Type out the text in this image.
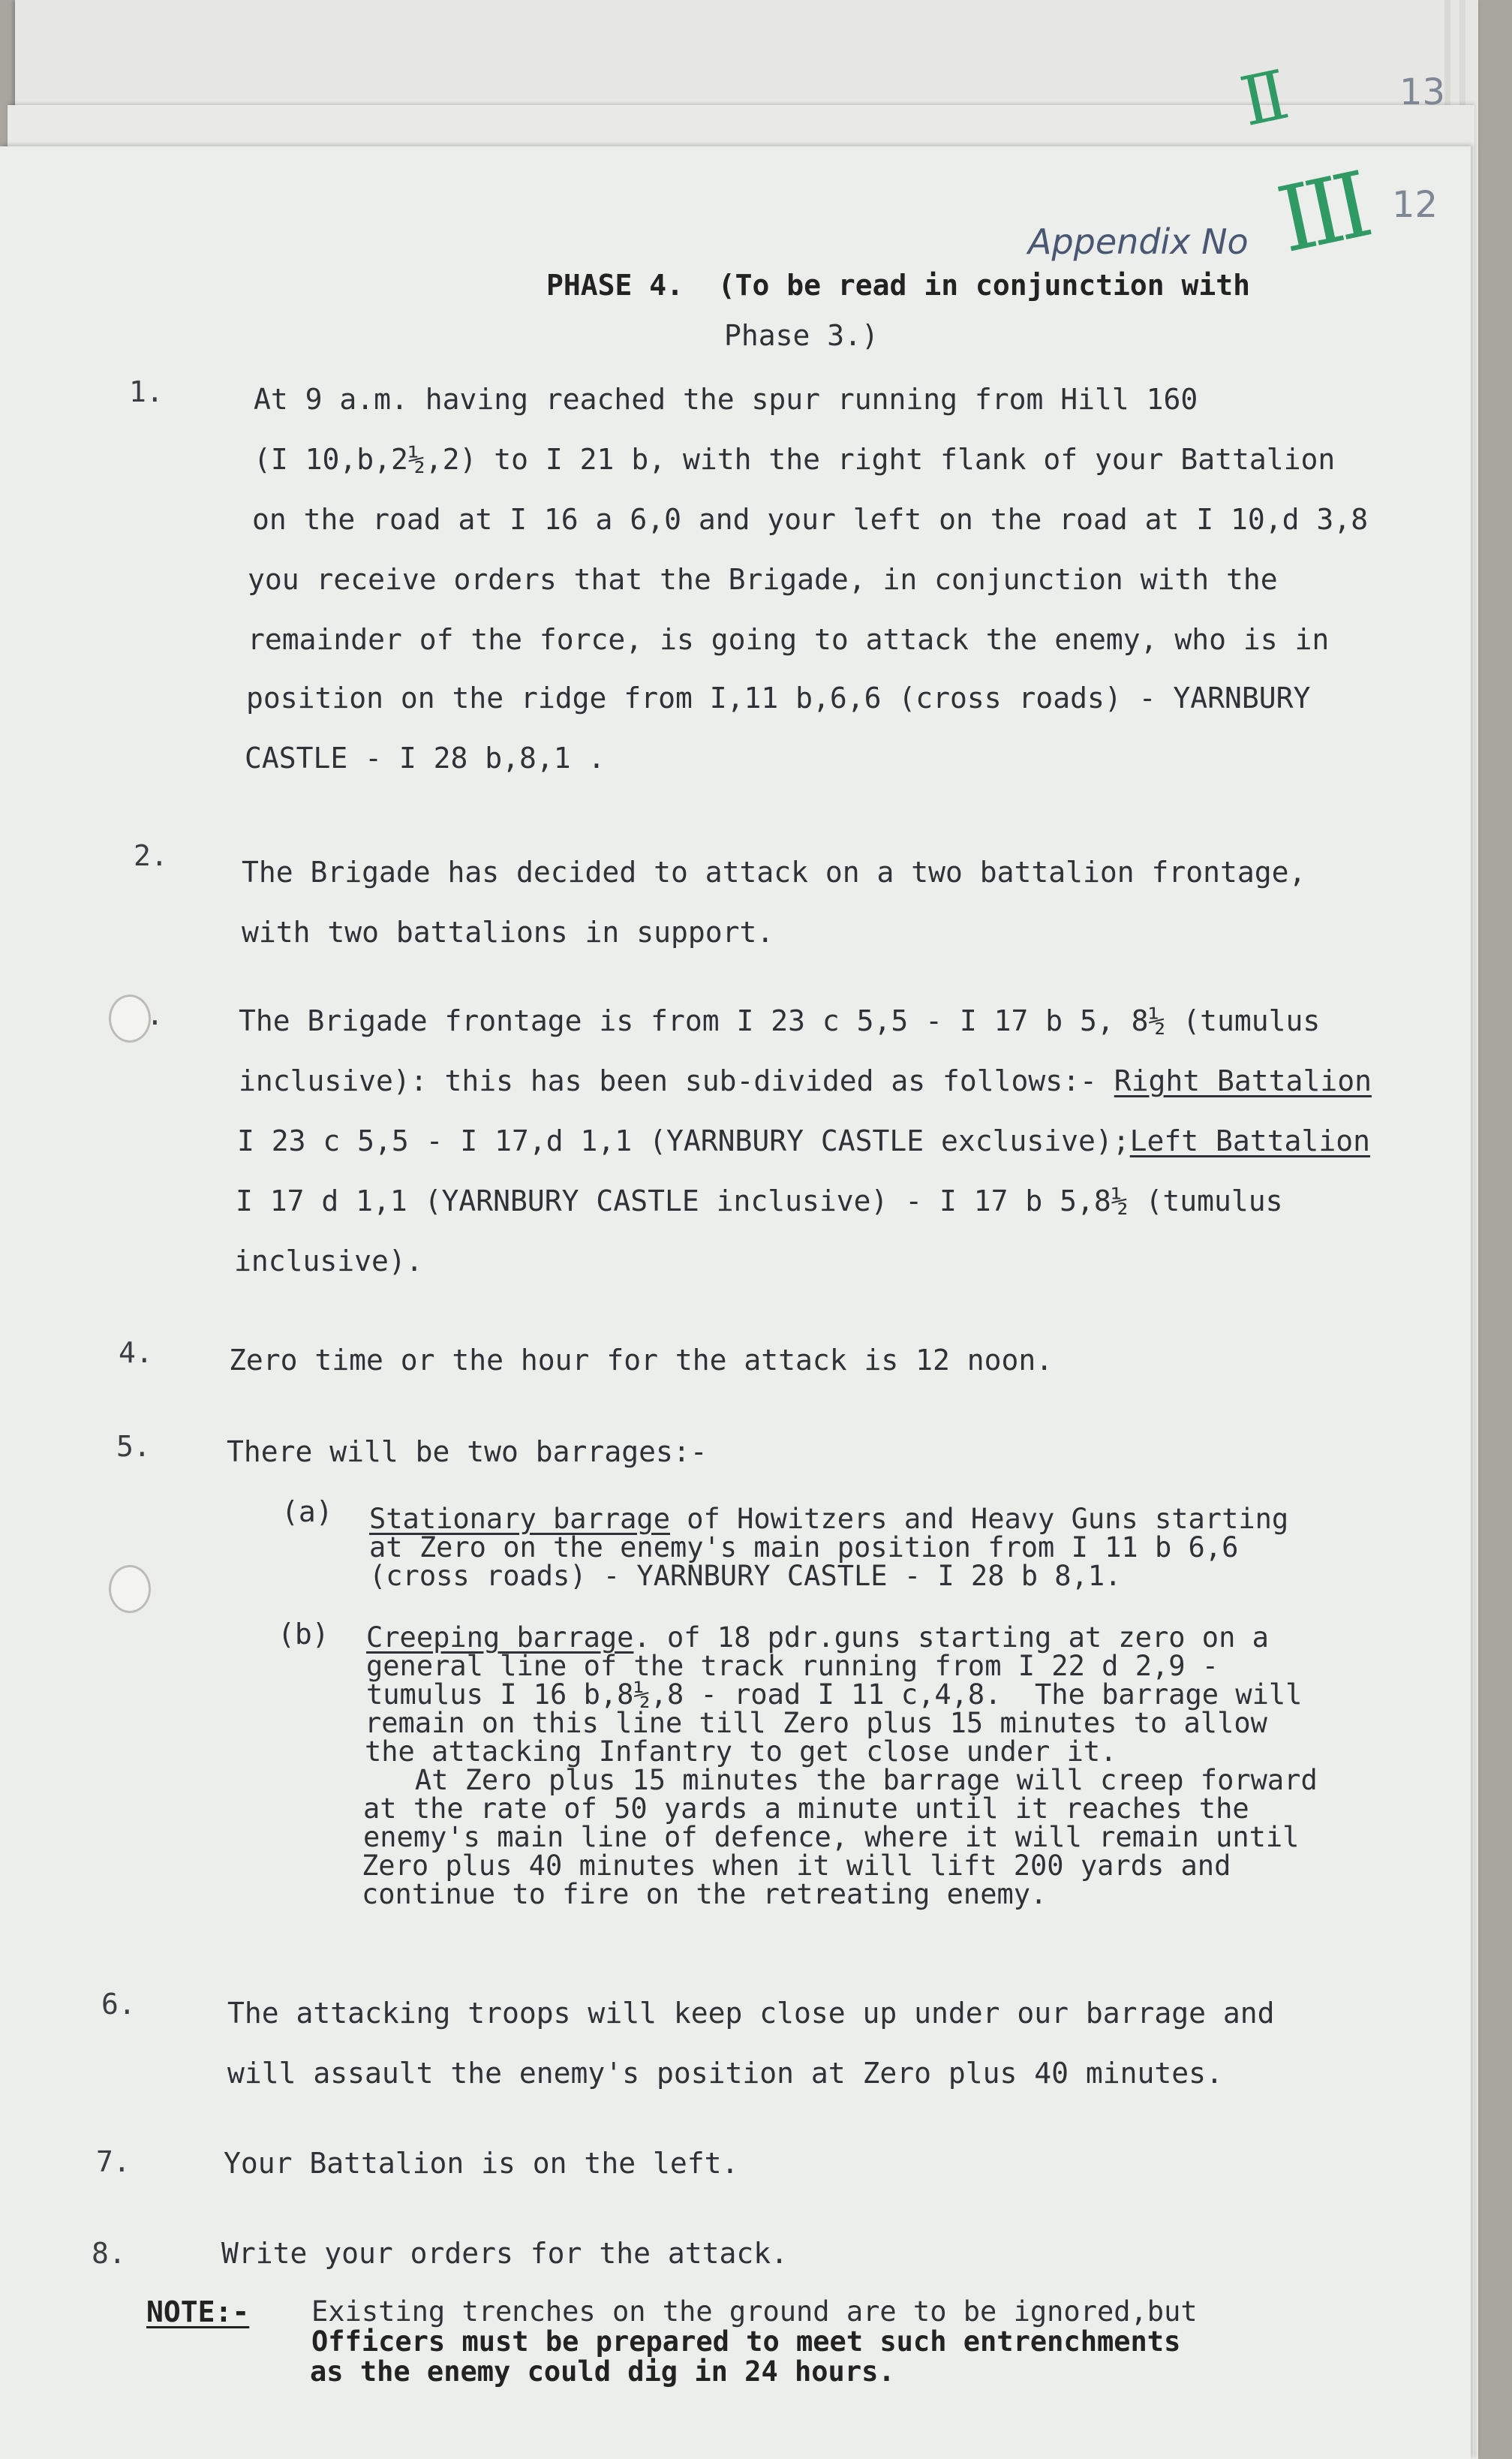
13
II
12
Appendix No III
PHASE 4.  (To be read in conjunction with
Phase 3.)
1.	At 9 a.m. having reached the spur running from Hill 160
(I 10,b,2½,2) to I 21 b, with the right flank of your Battalion
on the road at I 16 a 6,0 and your left on the road at I 10,d 3,8
you receive orders that the Brigade, in conjunction with the
remainder of the force, is going to attack the enemy, who is in
position on the ridge from I,11 b,6,6 (cross roads) - YARNBURY
CASTLE - I 28 b,8,1 .
2.	The Brigade has decided to attack on a two battalion frontage,
with two battalions in support.
.	The Brigade frontage is from I 23 c 5,5 - I 17 b 5, 8½ (tumulus
inclusive): this has been sub-divided as follows:- Right Battalion
I 23 c 5,5 - I 17,d 1,1 (YARNBURY CASTLE exclusive);Left Battalion
I 17 d 1,1 (YARNBURY CASTLE inclusive) - I 17 b 5,8½ (tumulus
inclusive).
4.	Zero time or the hour for the attack is 12 noon.
5.	There will be two barrages:-
(a) Stationary barrage of Howitzers and Heavy Guns starting
at Zero on the enemy's main position from I 11 b 6,6
(cross roads) - YARNBURY CASTLE - I 28 b 8,1.
(b) Creeping barrage. of 18 pdr.guns starting at zero on a
general line of the track running from I 22 d 2,9 -
tumulus I 16 b,8½,8 - road I 11 c,4,8.  The barrage will
remain on this line till Zero plus 15 minutes to allow
the attacking Infantry to get close under it.
At Zero plus 15 minutes the barrage will creep forward
at the rate of 50 yards a minute until it reaches the
enemy's main line of defence, where it will remain until
Zero plus 40 minutes when it will lift 200 yards and
continue to fire on the retreating enemy.
6.	The attacking troops will keep close up under our barrage and
will assault the enemy's position at Zero plus 40 minutes.
7.	Your Battalion is on the left.
8.	Write your orders for the attack.
NOTE:- Existing trenches on the ground are to be ignored,but
Officers must be prepared to meet such entrenchments
as the enemy could dig in 24 hours.
